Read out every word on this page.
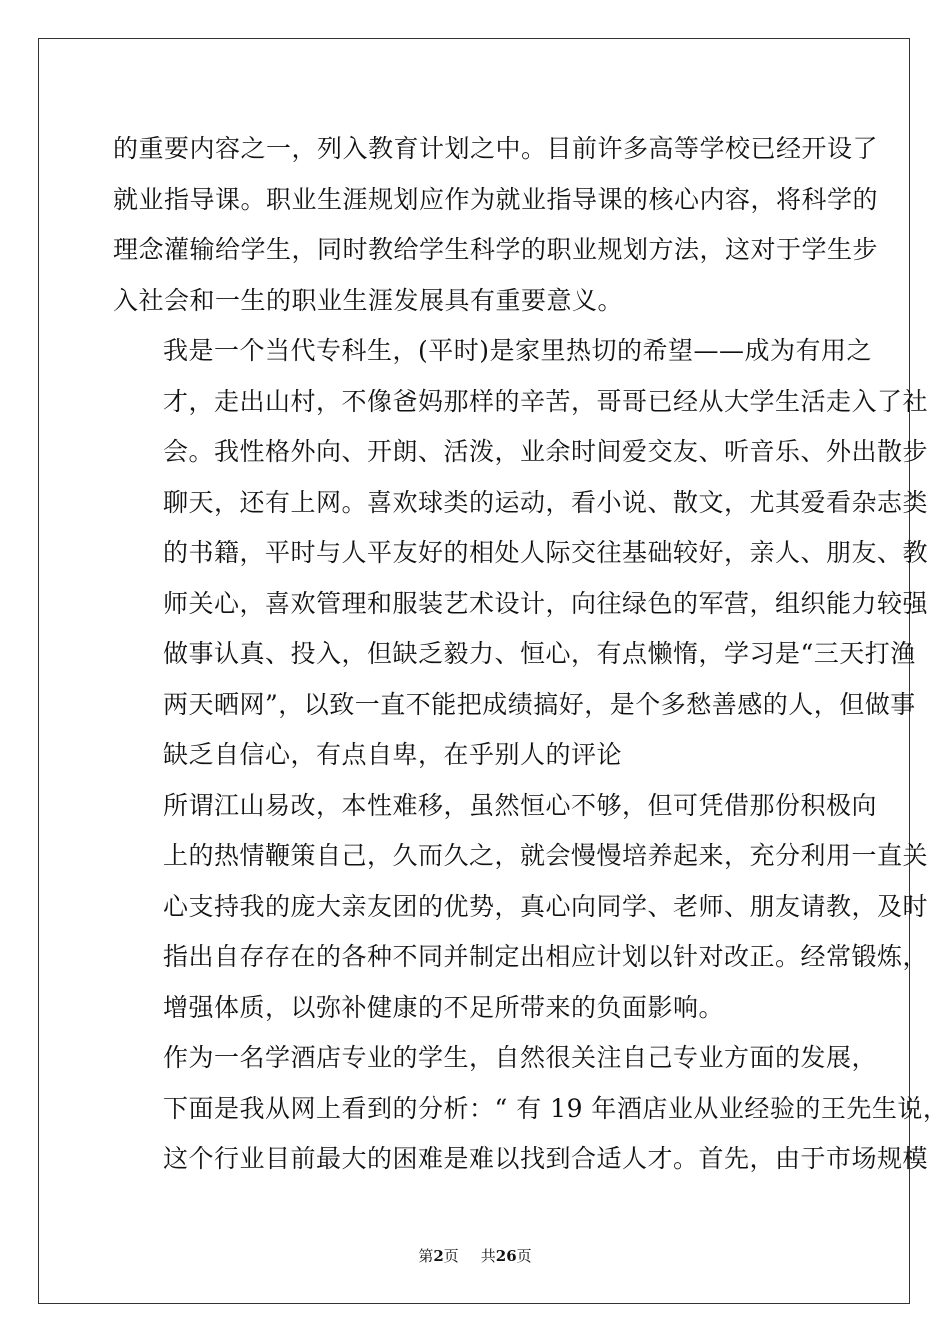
的重要内容之一，列入教育计划之中。目前许多高等学校已经开设了
就业指导课。职业生涯规划应作为就业指导课的核心内容，将科学的
理念灌输给学生，同时教给学生科学的职业规划方法，这对于学生步
入社会和一生的职业生涯发展具有重要意义。

我是一个当代专科生，(平时)是家里热切的希望——成为有用之
才，走出山村，不像爸妈那样的辛苦，哥哥已经从大学生活走入了社
会。我性格外向、开朗、活泼，业余时间爱交友、听音乐、外出散步
聊天，还有上网。喜欢球类的运动，看小说、散文，尤其爱看杂志类
的书籍，平时与人平友好的相处人际交往基础较好，亲人、朋友、教
师关心，喜欢管理和服装艺术设计，向往绿色的军营，组织能力较强
做事认真、投入，但缺乏毅力、恒心，有点懒惰，学习是“三天打渔
两天晒网”，以致一直不能把成绩搞好，是个多愁善感的人，但做事
缺乏自信心，有点自卑，在乎别人的评论

所谓江山易改，本性难移，虽然恒心不够，但可凭借那份积极向
上的热情鞭策自己，久而久之，就会慢慢培养起来，充分利用一直关
心支持我的庞大亲友团的优势，真心向同学、老师、朋友请教，及时
指出自存存在的各种不同并制定出相应计划以针对改正。经常锻炼，
增强体质，以弥补健康的不足所带来的负面影响。

作为一名学酒店专业的学生，自然很关注自己专业方面的发展，
下面是我从网上看到的分析：“ 有 19 年酒店业从业经验的王先生说，
这个行业目前最大的困难是难以找到合适人才。首先，由于市场规模

第2页 共26页
